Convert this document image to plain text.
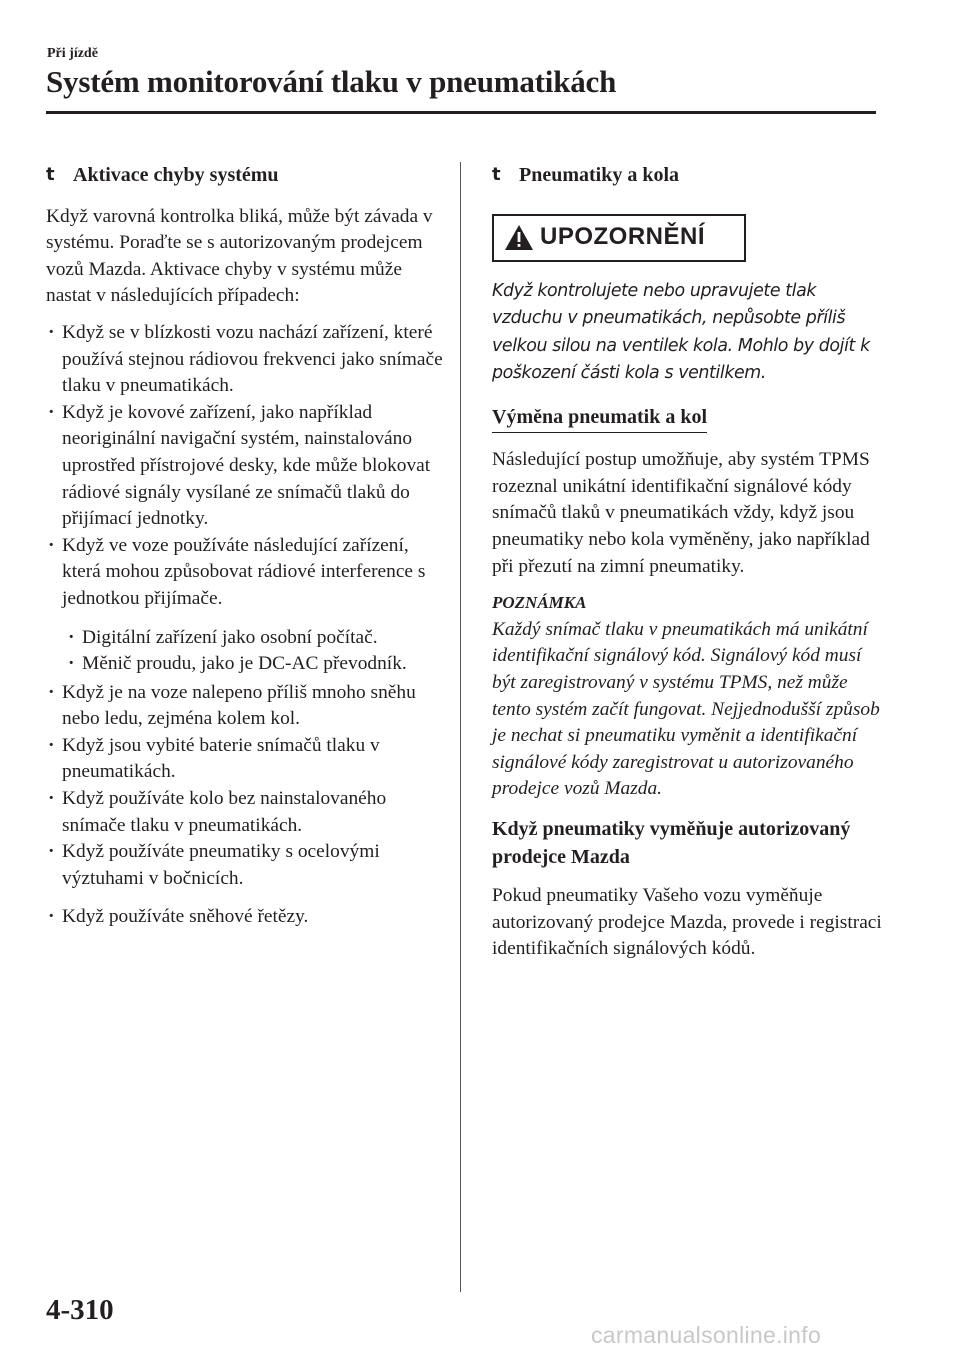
Při jízdě
Systém monitorování tlaku v pneumatikách
t Aktivace chyby systému

Když varovná kontrolka bliká, může být závada v systému. Poraďte se s autorizovaným prodejcem vozů Mazda. Aktivace chyby v systému může nastat v následujících případech:

· Když se v blízkosti vozu nachází zařízení, které používá stejnou rádiovou frekvenci jako snímače tlaku v pneumatikách.
· Když je kovové zařízení, jako například neoriginální navigační systém, nainstalováno uprostřed přístrojové desky, kde může blokovat rádiové signály vysílané ze snímačů tlaků do přijímací jednotky.
· Když ve voze používáte následující zařízení, která mohou způsobovat rádiové interference s jednotkou přijímače.
· Digitální zařízení jako osobní počítač.
· Měnič proudu, jako je DC-AC převodník.
· Když je na voze nalepeno příliš mnoho sněhu nebo ledu, zejména kolem kol.
· Když jsou vybité baterie snímačů tlaku v pneumatikách.
· Když používáte kolo bez nainstalovaného snímače tlaku v pneumatikách.
· Když používáte pneumatiky s ocelovými výztuhami v bočnicích.
· Když používáte sněhové řetězy.
t Pneumatiky a kola
UPOZORNĚNÍ

Když kontrolujete nebo upravujete tlak vzduchu v pneumatikách, nepůsobte příliš velkou silou na ventilek kola. Mohlo by dojít k poškození části kola s ventilkem.

Výměna pneumatik a kol

Následující postup umožňuje, aby systém TPMS rozeznal unikátní identifikační signálové kódy snímačů tlaků v pneumatikách vždy, když jsou pneumatiky nebo kola vyměněny, jako například při přezutí na zimní pneumatiky.

POZNÁMKA

Každý snímač tlaku v pneumatikách má unikátní identifikační signálový kód. Signálový kód musí být zaregistrovaný v systému TPMS, než může tento systém začít fungovat. Nejjednodušší způsob je nechat si pneumatiku vyměnit a identifikační signálové kódy zaregistrovat u autorizovaného prodejce vozů Mazda.

Když pneumatiky vyměňuje autorizovaný prodejce Mazda

Pokud pneumatiky Vašeho vozu vyměňuje autorizovaný prodejce Mazda, provede i registraci identifikačních signálových kódů.

4-310
carmanualsonline.info
